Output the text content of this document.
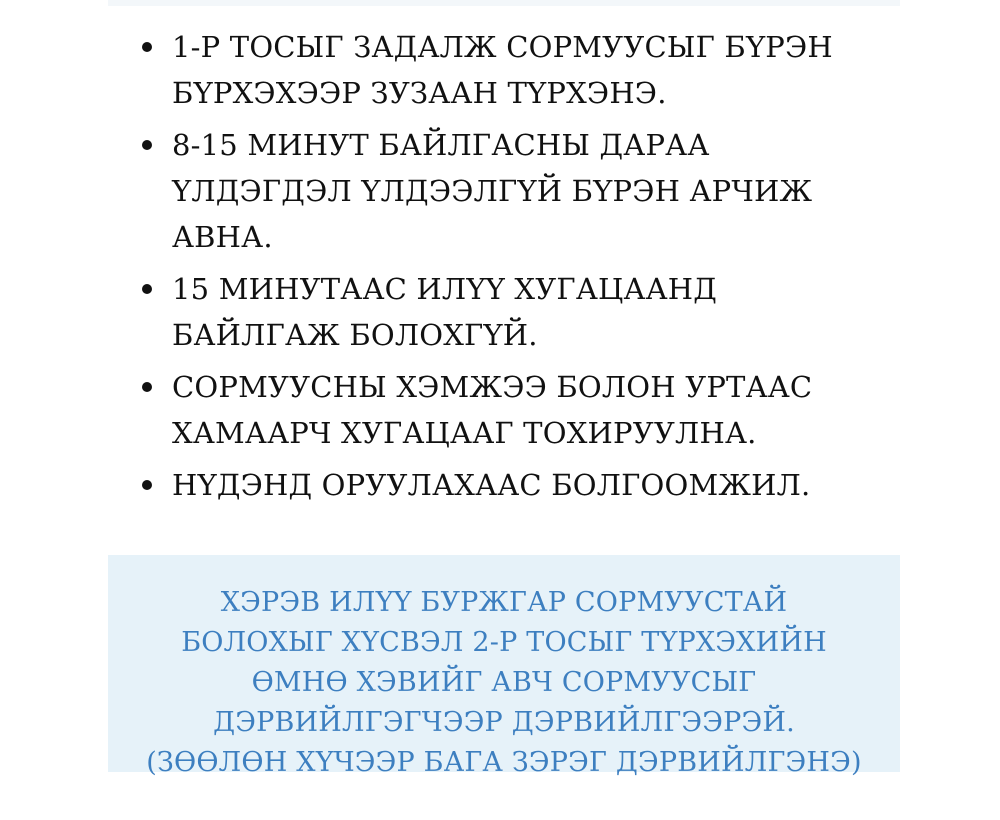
1-Р ТОСЫГ ЗАДАЛЖ СОРМУУСЫГ БҮРЭН БҮРХЭХЭЭР ЗУЗААН ТҮРХЭНЭ.
8-15 МИНУТ БАЙЛГАСНЫ ДАРАА ҮЛДЭГДЭЛ ҮЛДЭЭЛГҮЙ БҮРЭН АРЧИЖ АВНА.
15 МИНУТААС ИЛҮҮ ХУГАЦААНД БАЙЛГАЖ БОЛОХГҮЙ.
СОРМУУСНЫ ХЭМЖЭЭ БОЛОН УРТААС ХАМААРЧ ХУГАЦААГ ТОХИРУУЛНА.
НҮДЭНД ОРУУЛАХААС БОЛГООМЖИЛ.

ХЭРЭВ ИЛҮҮ БУРЖГАР СОРМУУСТАЙ БОЛОХЫГ ХҮСВЭЛ 2-Р ТОСЫГ ТҮРХЭХИЙН ӨМНӨ ХЭВИЙГ АВЧ СОРМУУСЫГ ДЭРВИЙЛГЭГЧЭЭР ДЭРВИЙЛГЭЭРЭЙ. (ЗӨӨЛӨН ХҮЧЭЭР БАГА ЗЭРЭГ ДЭРВИЙЛГЭНЭ)
